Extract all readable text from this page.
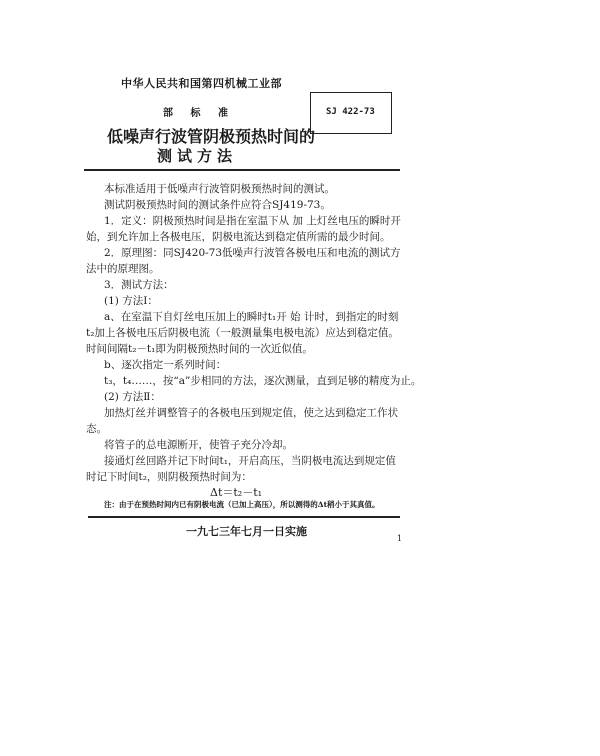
中华人民共和国第四机械工业部
部 标 准	SJ 422-73
低噪声行波管阴极预热时间的
测试方法
本标准适用于低噪声行波管阴极预热时间的测试。
测试阴极预热时间的测试条件应符合SJ419-73。
1．定义：阴极预热时间是指在室温下从 加 上灯丝电压的瞬时开
始，到允许加上各极电压，阴极电流达到稳定值所需的最少时间。
2．原理图：同SJ420-73低噪声行波管各极电压和电流的测试方
法中的原理图。
3．测试方法：
(1) 方法Ⅰ：
a、在室温下自灯丝电压加上的瞬时t₁开 始 计时，到指定的时刻
t₂加上各极电压后阴极电流（一般测量集电极电流）应达到稳定值。
时间间隔t₂－t₁即为阴极预热时间的一次近似值。
b、逐次指定一系列时间：
t₃，t₄……，按“a”步相同的方法，逐次测量，直到足够的精度为止。
(2) 方法Ⅱ：
一九七三年七月一日实施
1
将管子的总电源断开，使管子充分冷却。
接通灯丝回路并记下时间t₁，开启高压，当阴极电流达到规定值
时记下时间t₂，则阴极预热时间为：
Δt＝t₂－t₁
注：由于在预热时间内已有阴极电流（已加上高压），所以测得的Δt稍小于其真值。
加热灯丝并调整管子的各极电压到规定值，使之达到稳定工作状
态。
